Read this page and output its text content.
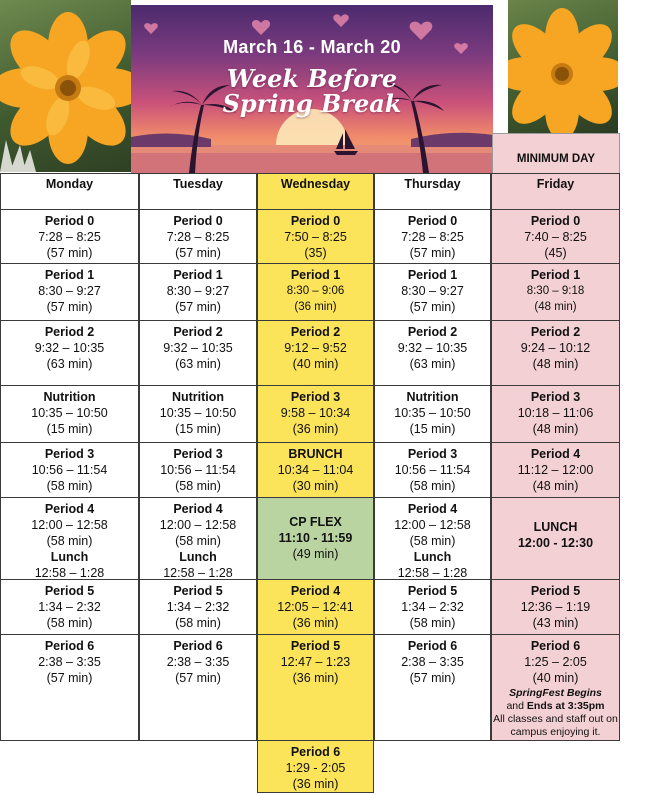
March 16 - March 20
Week Before
Spring Break
MINIMUM DAY
Monday
Period 0
7:28 – 8:25
(57 min)
Period 1
8:30 – 9:27
(57 min)
Period 2
9:32 – 10:35
(63 min)
Nutrition
10:35 – 10:50
(15 min)
Period 3
10:56 – 11:54
(58 min)
Period 4
12:00 – 12:58
(58 min)
Lunch
12:58 – 1:28
Period 5
1:34 – 2:32
(58 min)
Period 6
2:38 – 3:35
(57 min)
Tuesday
Period 0
7:28 – 8:25
(57 min)
Period 1
8:30 – 9:27
(57 min)
Period 2
9:32 – 10:35
(63 min)
Nutrition
10:35 – 10:50
(15 min)
Period 3
10:56 – 11:54
(58 min)
Period 4
12:00 – 12:58
(58 min)
Lunch
12:58 – 1:28
Period 5
1:34 – 2:32
(58 min)
Period 6
2:38 – 3:35
(57 min)
Wednesday
Period 0
7:50 – 8:25
(35)
Period 1
8:30 – 9:06
(36 min)
Period 2
9:12 – 9:52
(40 min)
Period 3
9:58 – 10:34
(36 min)
BRUNCH
10:34 – 11:04
(30 min)
CP FLEX
11:10 - 11:59
(49 min)
Period 4
12:05 – 12:41
(36 min)
Period 5
12:47 – 1:23
(36 min)
Period 6
1:29 - 2:05
(36 min)
Thursday
Period 0
7:28 – 8:25
(57 min)
Period 1
8:30 – 9:27
(57 min)
Period 2
9:32 – 10:35
(63 min)
Nutrition
10:35 – 10:50
(15 min)
Period 3
10:56 – 11:54
(58 min)
Period 4
12:00 – 12:58
(58 min)
Lunch
12:58 – 1:28
Period 5
1:34 – 2:32
(58 min)
Period 6
2:38 – 3:35
(57 min)
Friday
Period 0
7:40 – 8:25
(45)
Period 1
8:30 – 9:18
(48 min)
Period 2
9:24 – 10:12
(48 min)
Period 3
10:18 – 11:06
(48 min)
Period 4
11:12 – 12:00
(48 min)
LUNCH
12:00 - 12:30
Period 5
12:36 – 1:19
(43 min)
Period 6
1:25 – 2:05
(40 min)
SpringFest Begins
and Ends at 3:35pm
All classes and staff out on campus enjoying it.
